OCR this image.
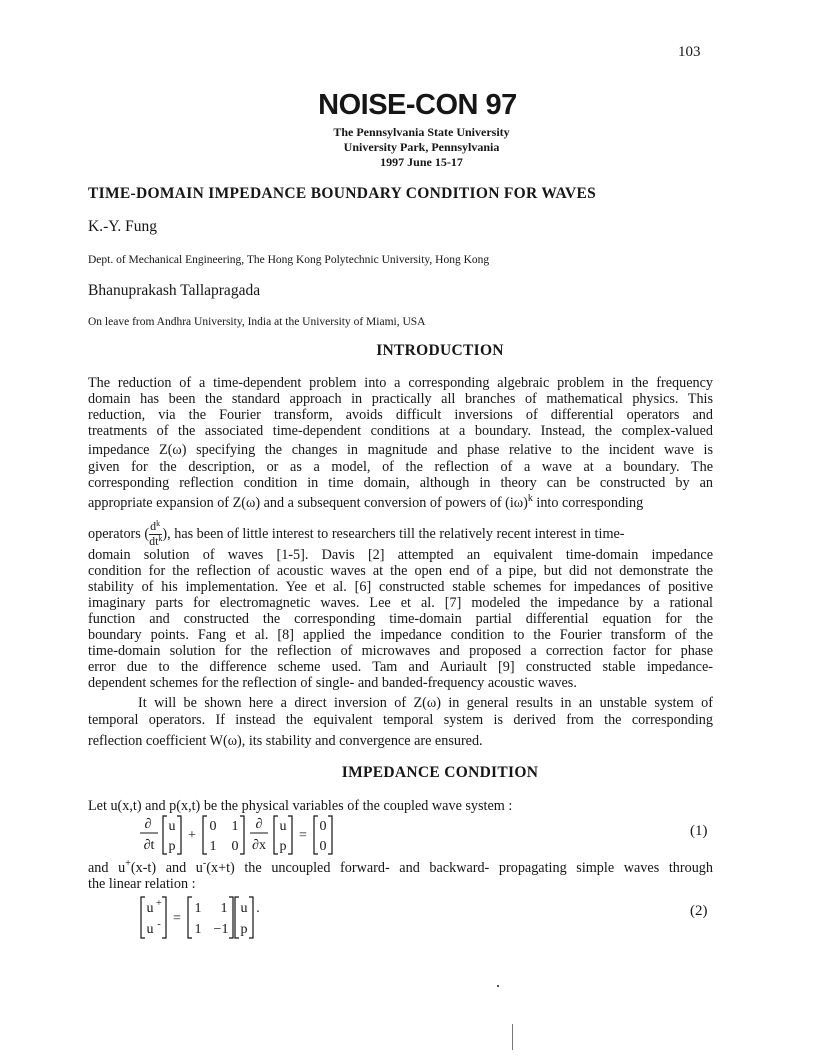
103
NOISE-CON 97
The Pennsylvania State University
University Park, Pennsylvania
1997 June 15-17
TIME-DOMAIN IMPEDANCE BOUNDARY CONDITION FOR WAVES
K.-Y. Fung
Dept. of Mechanical Engineering, The Hong Kong Polytechnic University, Hong Kong
Bhanuprakash Tallapragada
On leave from Andhra University, India at the University of Miami, USA
INTRODUCTION
The reduction of a time-dependent problem into a corresponding algebraic problem in the frequency
domain has been the standard approach in practically all branches of mathematical physics. This
reduction, via the Fourier transform, avoids difficult inversions of differential operators and
treatments of the associated time-dependent conditions at a boundary. Instead, the complex-valued
impedance Z(ω) specifying the changes in magnitude and phase relative to the incident wave is
given for the description, or as a model, of the reflection of a wave at a boundary. The
corresponding reflection condition in time domain, although in theory can be constructed by an
appropriate expansion of Z(ω) and a subsequent conversion of powers of $(i\omega)^k$ into corresponding
operators ( $\frac{d^k}{dt^k}$ ), has been of little interest to researchers till the relatively recent interest in time-
domain solution of waves [1-5]. Davis [2] attempted an equivalent time-domain impedance
condition for the reflection of acoustic waves at the open end of a pipe, but did not demonstrate the
stability of his implementation. Yee et al. [6] constructed stable schemes for impedances of positive
imaginary parts for electromagnetic waves. Lee et al. [7] modeled the impedance by a rational
function and constructed the corresponding time-domain partial differential equation for the
boundary points. Fang et al. [8] applied the impedance condition to the Fourier transform of the
time-domain solution for the reflection of microwaves and proposed a correction factor for phase
error due to the difference scheme used. Tam and Auriault [9] constructed stable impedance-
dependent schemes for the reflection of single- and banded-frequency acoustic waves.
It will be shown here a direct inversion of Z(ω) in general results in an unstable system of
temporal operators. If instead the equivalent temporal system is derived from the corresponding
reflection coefficient W(ω), its stability and convergence are ensured.
IMPEDANCE CONDITION
Let u(x,t) and p(x,t) be the physical variables of the coupled wave system :
∂
∂t
u
p
+
0 1
1 0
∂
∂x
u
p
=
0
0
(1)
and u+(x-t) and u-(x+t) the uncoupled forward- and backward- propagating simple waves through
the linear relation :
u +
u - =
1 1
1 −1
u
p
.	(2)
